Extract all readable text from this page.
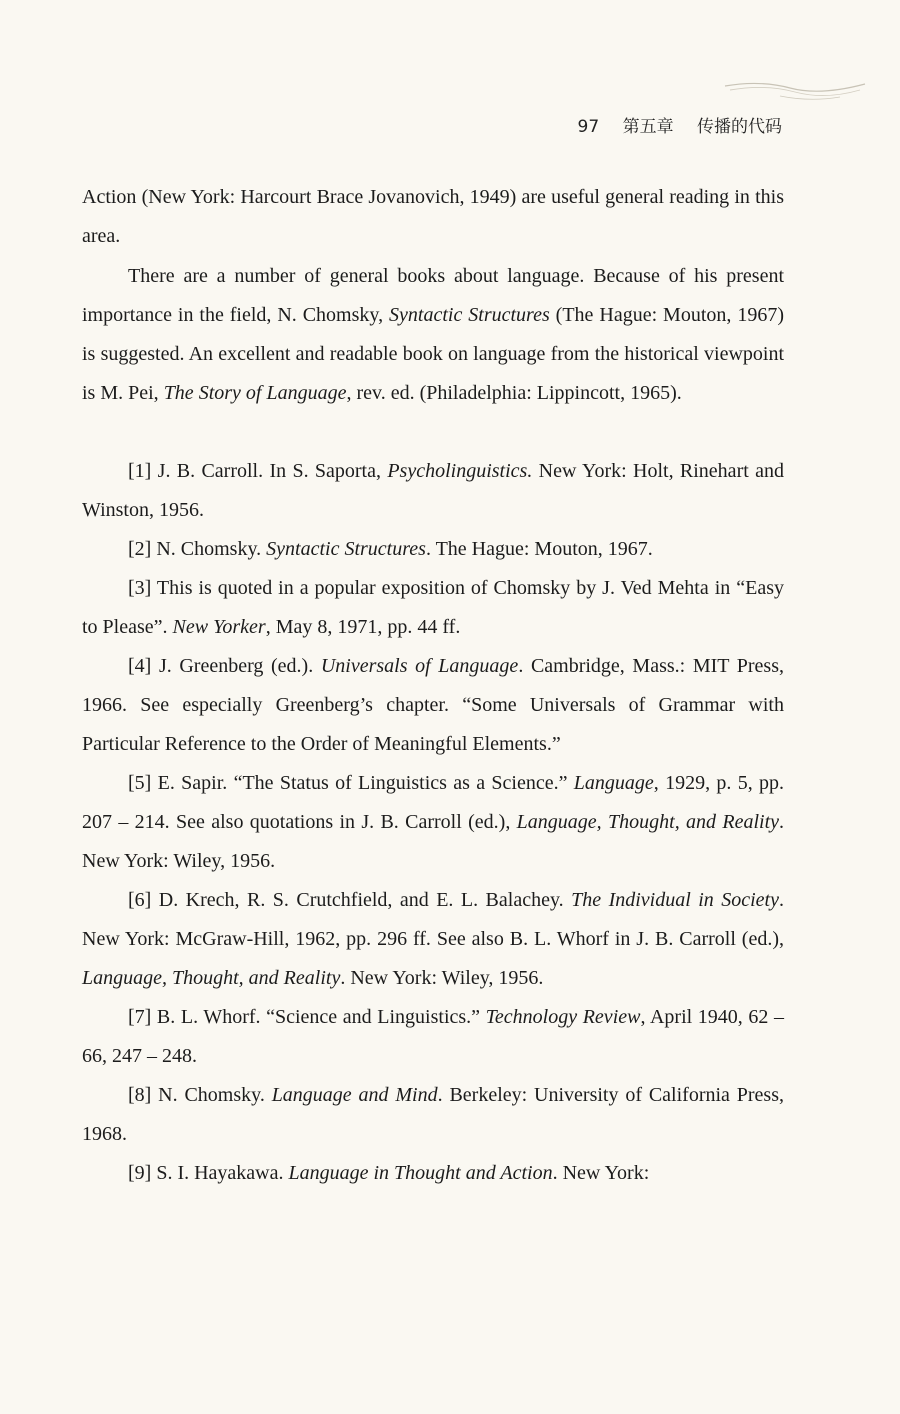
97 第五章 传播的代码

Action (New York: Harcourt Brace Jovanovich, 1949) are useful general reading in this area.

There are a number of general books about language. Because of his present importance in the field, N. Chomsky, Syntactic Structures (The Hague: Mouton, 1967) is suggested. An excellent and readable book on language from the historical viewpoint is M. Pei, The Story of Language, rev. ed. (Philadelphia: Lippincott, 1965).

[1] J. B. Carroll. In S. Saporta, Psycholinguistics. New York: Holt, Rinehart and Winston, 1956.

[2] N. Chomsky. Syntactic Structures. The Hague: Mouton, 1967.

[3] This is quoted in a popular exposition of Chomsky by J. Ved Mehta in “Easy to Please”. New Yorker, May 8, 1971, pp. 44 ff.

[4] J. Greenberg (ed.). Universals of Language. Cambridge, Mass.: MIT Press, 1966. See especially Greenberg’s chapter. “Some Universals of Grammar with Particular Reference to the Order of Meaningful Elements.”

[5] E. Sapir. “The Status of Linguistics as a Science.” Language, 1929, p. 5, pp. 207 – 214. See also quotations in J. B. Carroll (ed.), Language, Thought, and Reality. New York: Wiley, 1956.

[6] D. Krech, R. S. Crutchfield, and E. L. Balachey. The Individual in Society. New York: McGraw-Hill, 1962, pp. 296 ff. See also B. L. Whorf in J. B. Carroll (ed.), Language, Thought, and Reality. New York: Wiley, 1956.

[7] B. L. Whorf. “Science and Linguistics.” Technology Review, April 1940, 62 – 66, 247 – 248.

[8] N. Chomsky. Language and Mind. Berkeley: University of California Press, 1968.

[9] S. I. Hayakawa. Language in Thought and Action. New York:
